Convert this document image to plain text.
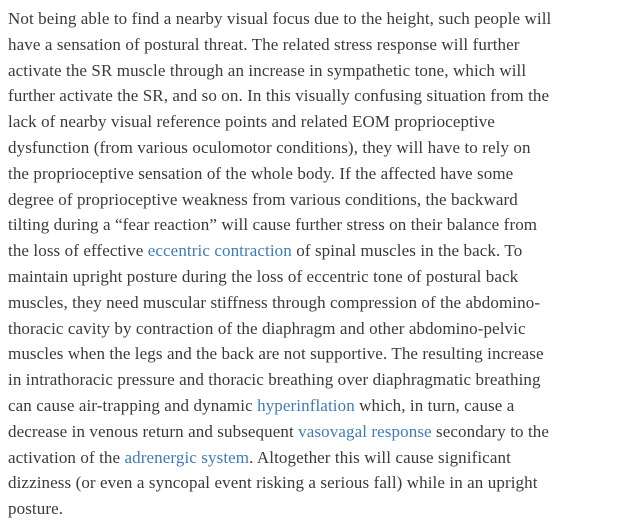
Not being able to find a nearby visual focus due to the height, such people will
have a sensation of postural threat. The related stress response will further
activate the SR muscle through an increase in sympathetic tone, which will
further activate the SR, and so on. In this visually confusing situation from the
lack of nearby visual reference points and related EOM proprioceptive
dysfunction (from various oculomotor conditions), they will have to rely on
the proprioceptive sensation of the whole body. If the affected have some
degree of proprioceptive weakness from various conditions, the backward
tilting during a “fear reaction” will cause further stress on their balance from
the loss of effective eccentric contraction of spinal muscles in the back. To
maintain upright posture during the loss of eccentric tone of postural back
muscles, they need muscular stiffness through compression of the abdomino-
thoracic cavity by contraction of the diaphragm and other abdomino-pelvic
muscles when the legs and the back are not supportive. The resulting increase
in intrathoracic pressure and thoracic breathing over diaphragmatic breathing
can cause air-trapping and dynamic hyperinflation which, in turn, cause a
decrease in venous return and subsequent vasovagal response secondary to the
activation of the adrenergic system. Altogether this will cause significant
dizziness (or even a syncopal event risking a serious fall) while in an upright
posture.
